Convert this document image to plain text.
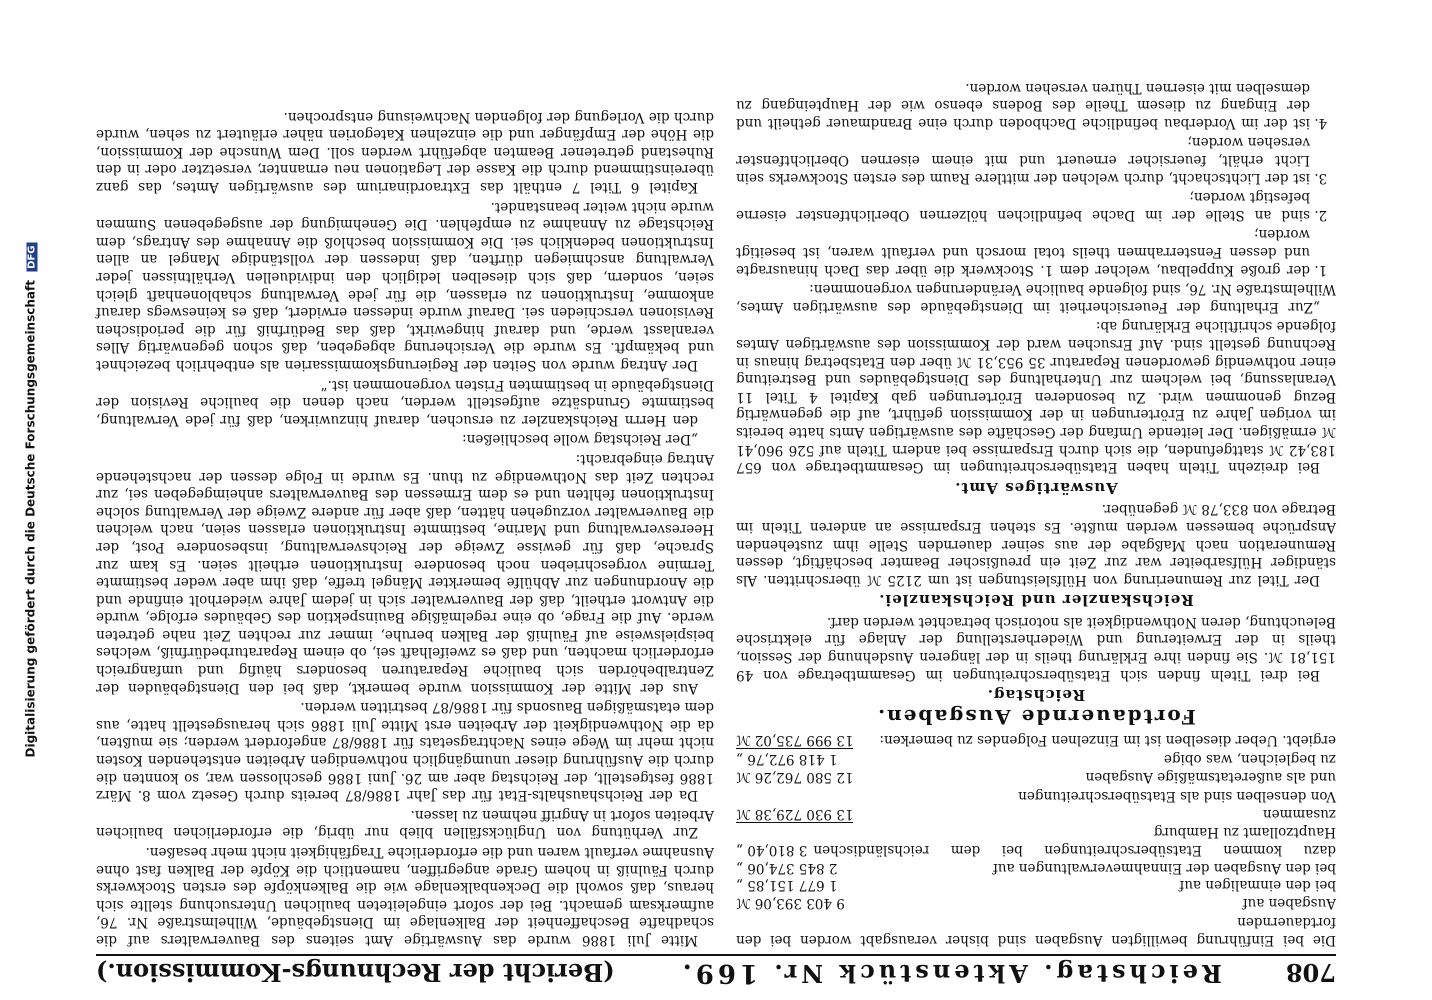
708
Reichstag. Aktenstück Nr. 169.
(Bericht der Rechnungs-Kommission.)

Die bei Einführung bewilligten Ausgaben sind bisher verausgabt worden bei den fortdauernden

Ausgaben auf
9 403 393,06 ℳ
bei den einmaligen auf
1 677 151,85 „
bei den Ausgaben der Einnahmeverwaltungen auf
2 845 374,06 „
dazu kommen Etatsüberschreitungen bei dem reichsländischen Hauptzollamt zu Hamburg
3 810,40 „
zusammen
13 930 729,38 ℳ

Von denselben sind als Etatsüberschreitungen

und als außeretatsmäßige Ausgaben
12 580 762,26 ℳ
zu begleichen, was obige
1 418 972,76 „
ergiebt. Ueber dieselben ist im Einzelnen Folgendes zu bemerken:
13 999 735,02 ℳ
Fortdauernde Ausgaben.
Reichstag.

Bei drei Titeln finden sich Etatsüberschreitungen im Gesammtbetrage von 49 151,81 ℳ. Sie finden ihre Erklärung theils in der längeren Ausdehnung der Session, theils in der Erweiterung und Wiederherstellung der Anlage für elektrische Beleuchtung, deren Nothwendigkeit als notorisch betrachtet werden darf.

Reichskanzler und Reichskanzlei.

Der Titel zur Remunerirung von Hülfsleistungen ist um 2125 ℳ überschritten. Als ständiger Hülfsarbeiter war zur Zeit ein preußischer Beamter beschäftigt, dessen Remuneration nach Maßgabe der aus seiner dauernden Stelle ihm zustehenden Ansprüche bemessen werden mußte. Es stehen Ersparnisse an anderen Titeln im Betrage von 833,78 ℳ gegenüber.

Auswärtiges Amt.

Bei dreizehn Titeln haben Etatsüberschreitungen im Gesammtbetrage von 657 183,42 ℳ stattgefunden, die sich durch Ersparnisse bei andern Titeln auf 526 960,41 ℳ ermäßigen. Der leitende Umfang der Geschäfte des auswärtigen Amts hatte bereits im vorigen Jahre zu Erörterungen in der Kommission geführt, auf die gegenwärtig Bezug genommen wird. Zu besonderen Erörterungen gab Kapitel 4 Titel 11 Veranlassung, bei welchem zur Unterhaltung des Dienstgebäudes und Bestreitung einer nothwendig gewordenen Reparatur 35 953,31 ℳ über den Etatsbetrag hinaus in Rechnung gestellt sind. Auf Ersuchen ward der Kommission des auswärtigen Amtes folgende schriftliche Erklärung ab:

„Zur Erhaltung der Feuersicherheit im Dienstgebäude des auswärtigen Amtes, Wilhelmstraße Nr. 76, sind folgende bauliche Veränderungen vorgenommen:

1. der große Kuppelbau, welcher dem 1. Stockwerk die über das Dach hinausragte und dessen Fensterrahmen theils total morsch und verfault waren, ist beseitigt worden;
2. sind an Stelle der im Dache befindlichen hölzernen Oberlichtfenster eiserne befestigt worden;
3. ist der Lichtschacht, durch welchen der mittlere Raum des ersten Stockwerks sein Licht erhält, feuersicher erneuert und mit einem eisernen Oberlichtfenster versehen worden;
4. ist der im Vorderbau befindliche Dachboden durch eine Brandmauer getheilt und der Eingang zu diesem Theile des Bodens ebenso wie der Haupteingang zu demselben mit eisernen Thüren versehen worden.

Mitte Juli 1886 wurde das Auswärtige Amt seitens des Bauverwalters auf die schadhafte Beschaffenheit der Balkenlage im Dienstgebäude, Wilhelmstraße Nr. 76, aufmerksam gemacht. Bei der sofort eingeleiteten baulichen Untersuchung stellte sich heraus, daß sowohl die Deckenbalkenlage wie die Balkenköpfe des ersten Stockwerks durch Fäulniß in hohem Grade angegriffen, namentlich die Köpfe der Balken fast ohne Ausnahme verfault waren und die erforderliche Tragfähigkeit nicht mehr besaßen.

Zur Verhütung von Unglücksfällen blieb nur übrig, die erforderlichen baulichen Arbeiten sofort in Angriff nehmen zu lassen.

Da der Reichshaushalts-Etat für das Jahr 1886/87 bereits durch Gesetz vom 8. März 1886 festgestellt, der Reichstag aber am 26. Juni 1886 geschlossen war, so konnten die durch die Ausführung dieser unumgänglich nothwendigen Arbeiten entstehenden Kosten nicht mehr im Wege eines Nachtragsetats für 1886/87 angefordert werden; sie mußten, da die Nothwendigkeit der Arbeiten erst Mitte Juli 1886 sich herausgestellt hatte, aus dem etatsmäßigen Bausonds für 1886/87 bestritten werden.

Aus der Mitte der Kommission wurde bemerkt, daß bei den Dienstgebäuden der Zentralbehörden sich bauliche Reparaturen besonders häufig und umfangreich erforderlich machten, und daß es zweifelhaft sei, ob einem Reparaturbedürfniß, welches beispielsweise auf Fäulniß der Balken beruhe, immer zur rechten Zeit nahe getreten werde. Auf die Frage, ob eine regelmäßige Bauinspektion des Gebäudes erfolge, wurde die Antwort ertheilt, daß der Bauverwalter sich in jedem Jahre wiederholt einfinde und die Anordnungen zur Abhülfe bemerkter Mängel treffe, daß ihm aber weder bestimmte Termine vorgeschrieben noch besondere Instruktionen ertheilt seien. Es kam zur Sprache, daß für gewisse Zweige der Reichsverwaltung, insbesondere Post, der Heeresverwaltung und Marine, bestimmte Instruktionen erlassen seien, nach welchen die Bauverwalter vorzugehen hätten, daß aber für andere Zweige der Verwaltung solche Instruktionen fehlten und es dem Ermessen des Bauverwalters anheimgegeben sei, zur rechten Zeit das Nothwendige zu thun. Es wurde in Folge dessen der nachstehende Antrag eingebracht:

„Der Reichstag wolle beschließen:

den Herrn Reichskanzler zu ersuchen, darauf hinzuwirken, daß für jede Verwaltung, bestimmte Grundsätze aufgestellt werden, nach denen die bauliche Revision der Dienstgebäude in bestimmten Fristen vorgenommen ist.“

Der Antrag wurde von Seiten der Regierungskommissarien als entbehrlich bezeichnet und bekämpft. Es wurde die Versicherung abgegeben, daß schon gegenwärtig Alles veranlasst werde, und darauf hingewirkt, daß das Bedürfniß für die periodischen Revisionen verschieden sei. Darauf wurde indessen erwidert, daß es keineswegs darauf ankomme, Instruktionen zu erlassen, die für jede Verwaltung schablonenhaft gleich seien, sondern, daß sich dieselben lediglich den individuellen Verhältnissen jeder Verwaltung anschmiegen dürften, daß indessen der vollständige Mangel an allen Instruktionen bedenklich sei. Die Kommission beschloß die Annahme des Antrags, dem Reichstage zu Annahme zu empfehlen. Die Genehmigung der ausgegebenen Summen wurde nicht weiter beanstandet.

Kapitel 6 Titel 7 enthält das Extraordinarium des auswärtigen Amtes, das ganz übereinstimmend durch die Kasse der Legationen neu ernannter, versetzter oder in den Ruhestand getretener Beamten abgeführt werden soll. Dem Wunsche der Kommission, die Höhe der Empfänger und die einzelnen Kategorien näher erläutert zu sehen, wurde durch die Vorlegung der folgenden Nachweisung entsprochen.

Digitalisierung gefördert durch die Deutsche Forschungsgemeinschaft DFG
